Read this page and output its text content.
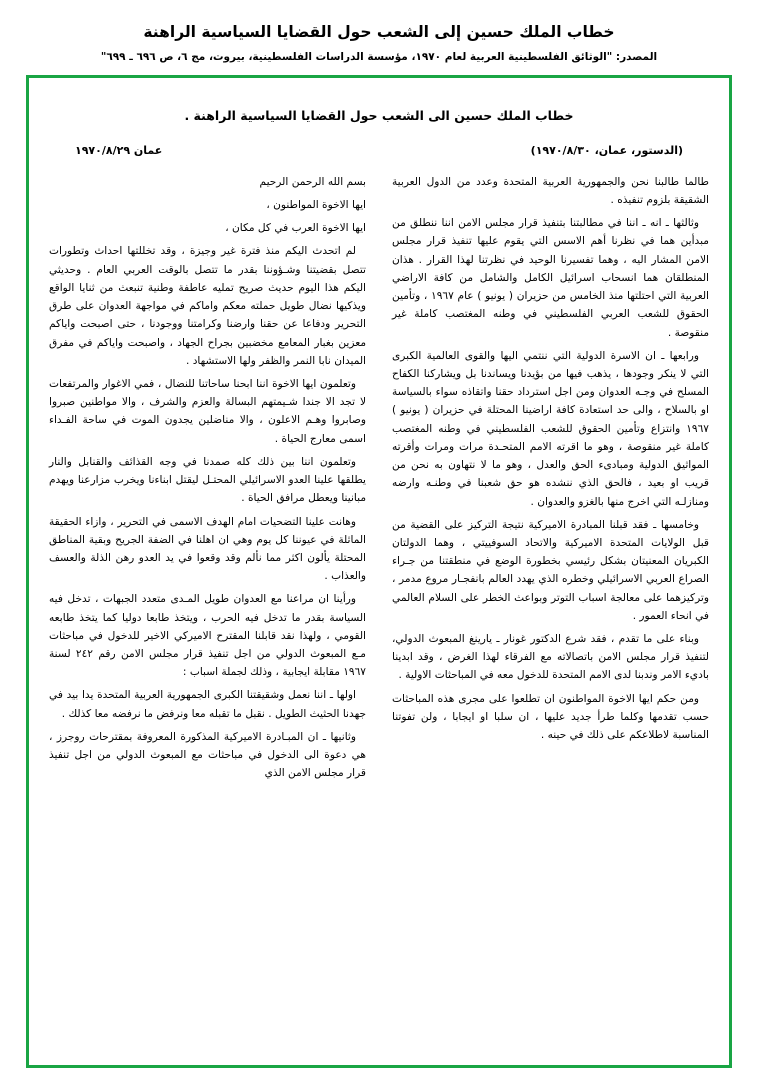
خطاب الملك حسين إلى الشعب حول القضايا السياسية الراهنة
المصدر: "الوثائق الفلسطينية العربية لعام ١٩٧٠، مؤسسة الدراسات الفلسطينية، بيروت، مج ٦، ص ٦٩٦ ـ ٦٩٩"
خطاب الملك حسين الى الشعب حول القضايا السياسية الراهنة .
(الدستور، عمان، ١٩٧٠/٨/٣٠)
عمان ١٩٧٠/٨/٢٩

طالما طالبنا نحن والجمهورية العربية المتحدة وعدد من الدول العربية الشقيقة بلزوم تنفيذه .

وثالثها ـ انه ـ اننا في مطالبتنا بتنفيذ قرار مجلس الامن اننا ننطلق من مبدأين هما في نظرنا أهم الاسس التي يقوم عليها تنفيذ قرار مجلس الامن المشار اليه ، وهما تفسيرنا الوحيد في نظرتنا لهذا القرار . هذان المنطلقان هما انسحاب اسرائيل الكامل والشامل من كافة الاراضي العربية التي احتلتها منذ الخامس من حزيران ( يونيو ) عام ١٩٦٧ ، وتأمين الحقوق للشعب العربي الفلسطيني في وطنه المغتصب كاملة غير منقوصة .

ورابعها ـ ان الاسرة الدولية التي ننتمي اليها والقوى العالمية الكبرى التي لا ينكر وجودها ، يذهب فيها من بؤيدنا ويساندنا بل ويشاركنا الكفاح المسلح في وجـه العدوان ومن اجل استرداد حقنا واتقاذه سواء بالسياسة او بالسلاح ، والى حد استعادة كافة اراضينا المحتلة في حزيران ( يونيو ) ١٩٦٧ وانتزاع وتأمين الحقوق للشعب الفلسطيني في وطنه المغتصب كاملة غير منقوصة ، وهو ما اقرته الامم المتحـدة مرات ومرات وأقرته المواثيق الدولية ومبادىء الحق والعدل ، وهو ما لا نتهاون به نحن من قريب او بعيد ، فالحق الذي ننشده هو حق شعبنا في وطنـه وارضه ومنازلـه التي اخرج منها بالغزو والعدوان .

وخامسها ـ فقد قبلنا المبادرة الاميركية نتيجة التركيز على القضية من قبل الولايات المتحدة الاميركية والاتحاد السوفييتي ، وهما الدولتان الكبريان المعنيتان بشكل رئيسي بخطورة الوضع في منطقتنا من جـراء الصراع العربي الاسرائيلي وخطره الذي يهدد العالم بانفجـار مروع مدمر ، وتركيزهما على معالجة اسباب التوتر وبواعث الخطر على السلام العالمي في انحاء العمور .

وبناء على ما تقدم ، فقد شرع الدكتور غونار ـ يارينغ المبعوث الدولي، لتنفيذ قرار مجلس الامن باتصالاته مع الفرقاء لهذا الغرض ، وقد ابدينا باديء الامر وندبنا لدى الامم المتحدة للدخول معه في المباحثات الاولية .

ومن حكم ايها الاخوة المواطنون ان تطلعوا على مجرى هذه المباحثات حسب تقدمها وكلما طرأ جديد عليها ، ان سلبا او ايجابا ، ولن تفوتنا المناسبة لاطلاعكم على ذلك في حينه .

بسم الله الرحمن الرحيم

ايها الاخوة المواطنون ،

ايها الاخوة العرب في كل مكان ،

لم اتحدث اليكم منذ فترة غير وجيزة ، وقد تخللتها احداث وتطورات تتصل بقضيتنا وشـؤوننا بقدر ما تتصل بالوقت العربي العام . وحديثي اليكم هذا اليوم حديث صريح تمليه عاطفة وطنية تنبعث من ثنايا الواقع ويذكيها نضال طويل حملته معكم واماكم في مواجهة العدوان على طرق التحرير ودفاعا عن حقنا وارضنا وكرامتنا ووجودنا ، حتى اصبحت واياكم معزين بغبار المعامع مخضبين بجراح الجهاد ، واصبحت واياكم في مفرق الميدان نابا النمر والظفر ولها الاستشهاد .

وتعلمون ايها الاخوة اننا ابحنا ساحاتنا للنضال ، فمي الاغوار والمرتفعات لا تجد الا جندا شـيمتهم البسالة والعزم والشرف ، والا مواطنين صبروا وصابروا وهـم الاعلون ، والا مناضلين يجدون الموت في ساحة الفـداء اسمى معارج الحياة .

وتعلمون اننا بين ذلك كله صمدنا في وجه القذائف والقنابل والنار يطلقها علينا العدو الاسرائيلي المحتـل ليقتل ابناءنا ويخرب مزارعنا ويهدم مبانينا ويعطل مرافق الحياة .

وهانت علينا التضحيات امام الهدف الاسمى في التحرير ، وازاء الحقيقة الماثلة في عيوننا كل يوم وهي ان اهلنا في الضفة الجريح وبقية المناطق المحتلة يألون اكثر مما نألم وقد وقعوا في يد العدو رهن الذلة والعسف والعذاب .

ورأينا ان مراعنا مع العدوان طويل المـدى متعدد الجبهات ، تدخل فيه السياسة بقدر ما تدخل فيه الحرب ، ويتخذ طابعا دوليا كما يتخذ طابعه القومي ، ولهذا نقد قابلنا المقترح الاميركي الاخير للدخول في مباحثات مـع المبعوث الدولي من اجل تنفيذ قرار مجلس الامن رقم ٢٤٢ لسنة ١٩٦٧ مقابلة ايجابية ، وذلك لجملة اسباب :

اولها ـ اننا نعمل وشقيقتنا الكبرى الجمهورية العربية المتحدة يدا بيد في جهدنا الحثيث الطويل . نقبل ما تقبله معا ونرفض ما نرفضه معا كذلك .

وثانيها ـ ان المبـادرة الاميركية المذكورة المعروفة بمقترحات روجرز ، هي دعوة الى الدخول في مباحثات مع المبعوث الدولي من اجل تنفيذ قرار مجلس الامن الذي
